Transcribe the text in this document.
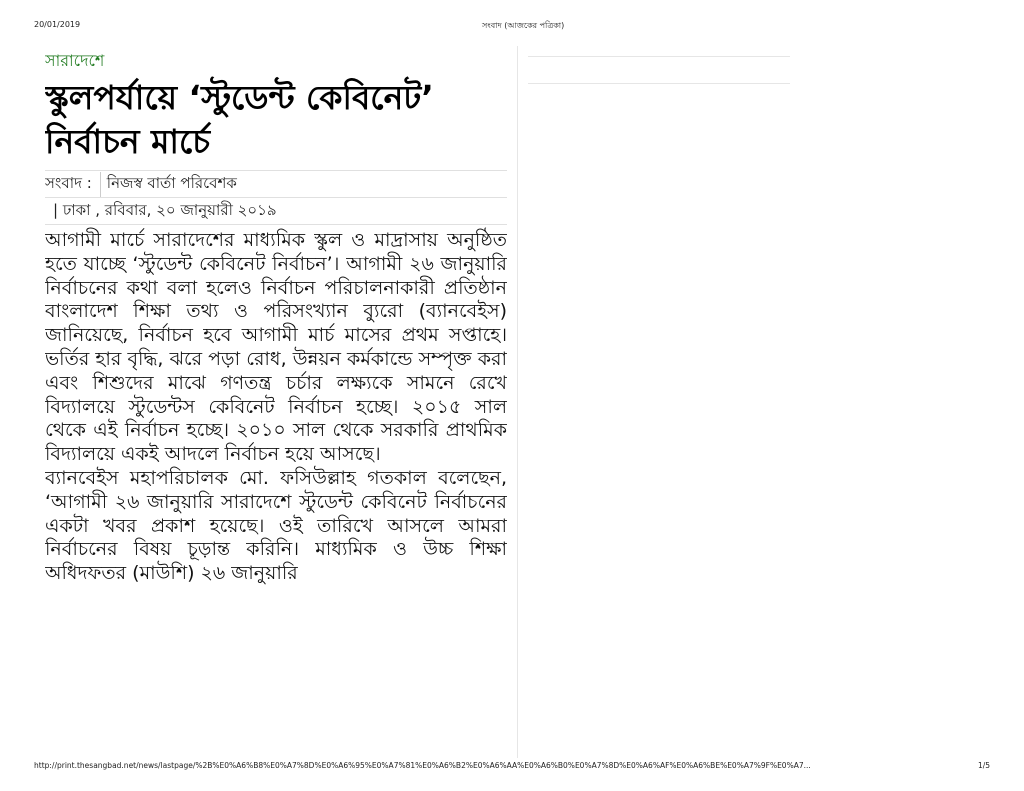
20/01/2019	সংবাদ (আজকের পত্রিকা)
সারাদেশে
স্কুলপর্যায়ে ‘স্টুডেন্ট কেবিনেট’ নির্বাচন মার্চে
সংবাদ :	নিজস্ব বার্তা পরিবেশক
| ঢাকা , রবিবার, ২০ জানুয়ারী ২০১৯

আগামী মার্চে সারাদেশের মাধ্যমিক স্কুল ও মাদ্রাসায় অনুষ্ঠিত হতে যাচ্ছে ‘স্টুডেন্ট কেবিনেট নির্বাচন’। আগামী ২৬ জানুয়ারি নির্বাচনের কথা বলা হলেও নির্বাচন পরিচালনাকারী প্রতিষ্ঠান বাংলাদেশ শিক্ষা তথ্য ও পরিসংখ্যান ব্যুরো (ব্যানবেইস) জানিয়েছে, নির্বাচন হবে আগামী মার্চ মাসের প্রথম সপ্তাহে। ভর্তির হার বৃদ্ধি, ঝরে পড়া রোধ, উন্নয়ন কর্মকান্ডে সম্পৃক্ত করা এবং শিশুদের মাঝে গণতন্ত্র চর্চার লক্ষ্যকে সামনে রেখে বিদ্যালয়ে স্টুডেন্টস কেবিনেট নির্বাচন হচ্ছে। ২০১৫ সাল থেকে এই নির্বাচন হচ্ছে। ২০১০ সাল থেকে সরকারি প্রাথমিক বিদ্যালয়ে একই আদলে নির্বাচন হয়ে আসছে।

ব্যানবেইস মহাপরিচালক মো. ফসিউল্লাহ গতকাল বলেছেন, ‘আগামী ২৬ জানুয়ারি সারাদেশে স্টুডেন্ট কেবিনেট নির্বাচনের একটা খবর প্রকাশ হয়েছে। ওই তারিখে আসলে আমরা নির্বাচনের বিষয় চূড়ান্ত করিনি। মাধ্যমিক ও উচ্চ শিক্ষা অধিদফতর (মাউশি) ২৬ জানুয়ারি

http://print.thesangbad.net/news/lastpage/%2B%E0%A6%B8%E0%A7%8D%E0%A6%95%E0%A7%81%E0%A6%B2%E0%A6%AA%E0%A6%B0%E0%A7%8D%E0%A6%AF%E0%A6%BE%E0%A7%9F%E0%A7...	1/5
